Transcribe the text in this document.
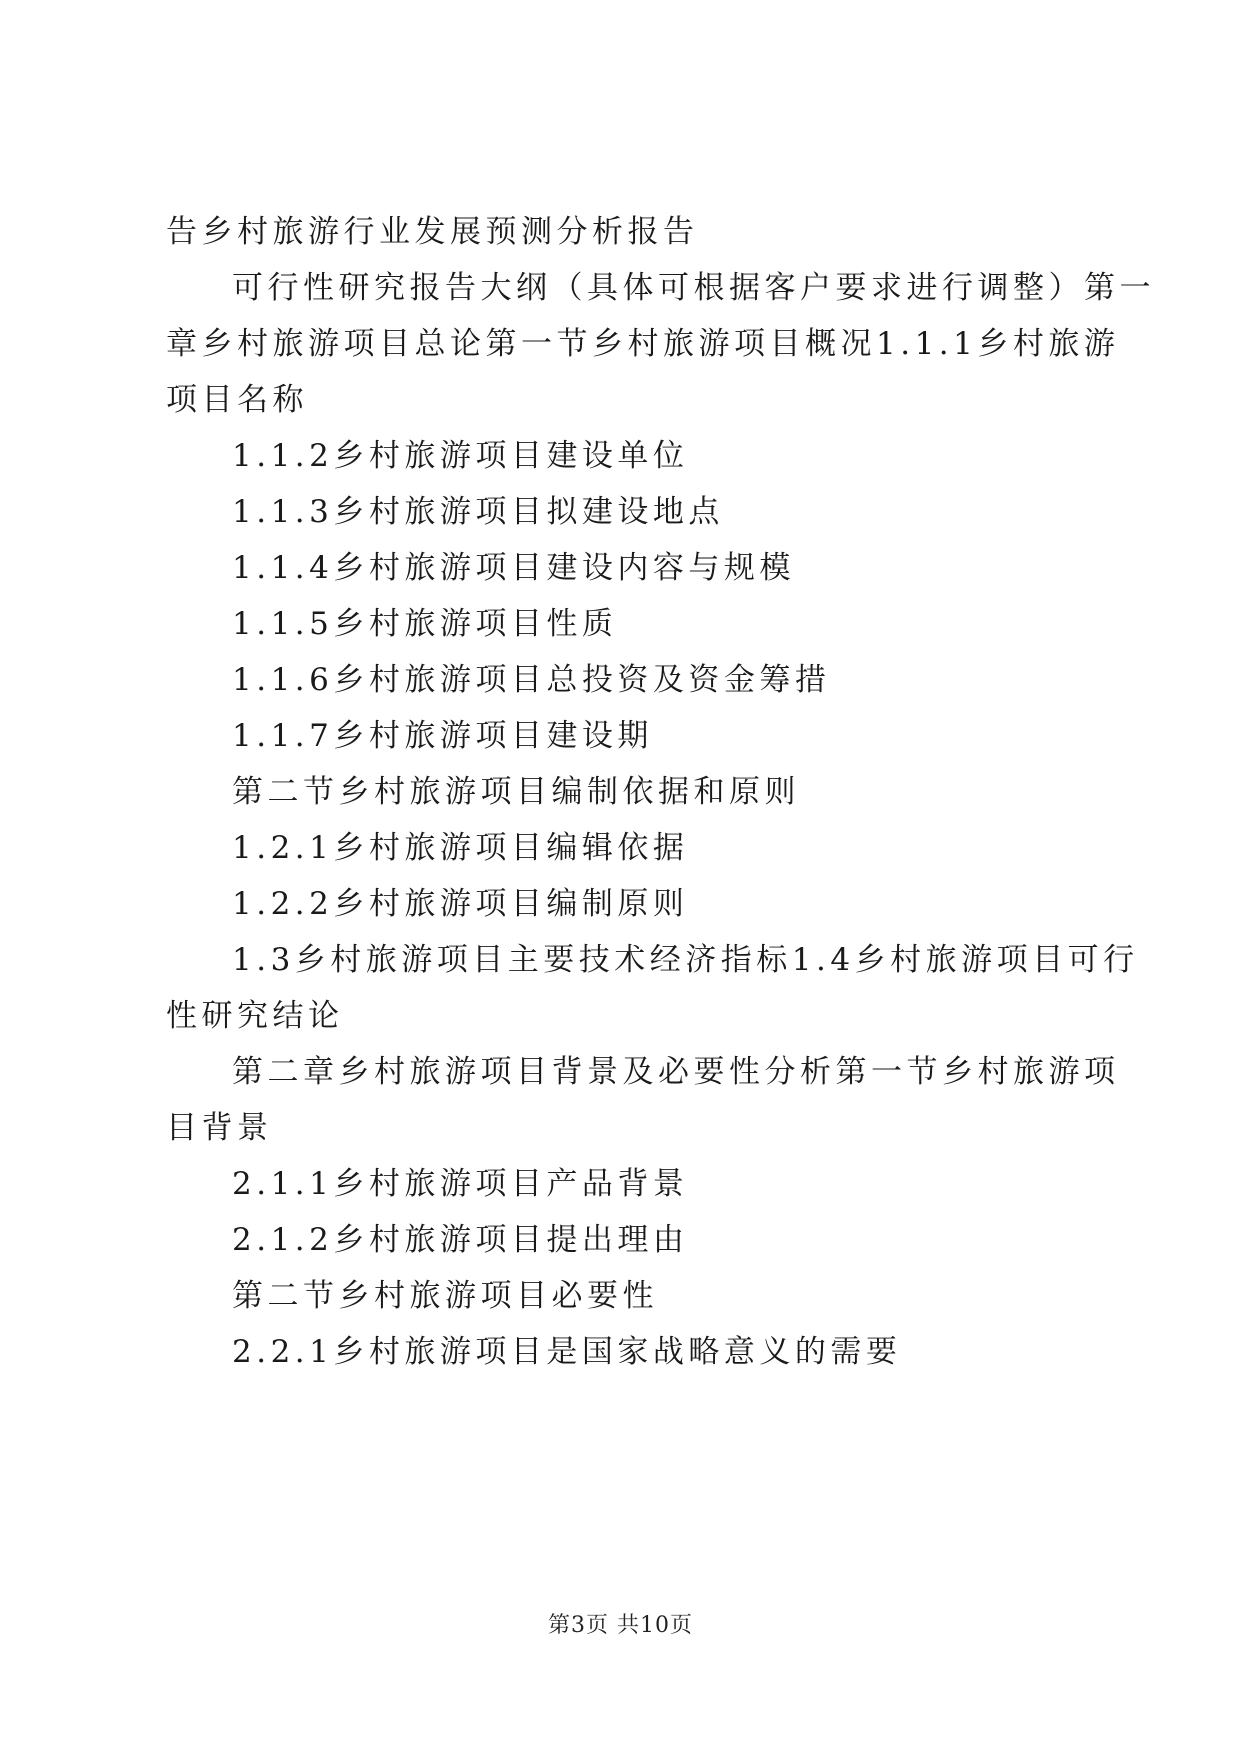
告乡村旅游行业发展预测分析报告
可行性研究报告大纲（具体可根据客户要求进行调整）第一
章乡村旅游项目总论第一节乡村旅游项目概况1.1.1乡村旅游
项目名称
1.1.2乡村旅游项目建设单位
1.1.3乡村旅游项目拟建设地点
1.1.4乡村旅游项目建设内容与规模
1.1.5乡村旅游项目性质
1.1.6乡村旅游项目总投资及资金筹措
1.1.7乡村旅游项目建设期
第二节乡村旅游项目编制依据和原则
1.2.1乡村旅游项目编辑依据
1.2.2乡村旅游项目编制原则
1.3乡村旅游项目主要技术经济指标1.4乡村旅游项目可行
性研究结论
第二章乡村旅游项目背景及必要性分析第一节乡村旅游项
目背景
2.1.1乡村旅游项目产品背景
2.1.2乡村旅游项目提出理由
第二节乡村旅游项目必要性
2.2.1乡村旅游项目是国家战略意义的需要
第3页 共10页
